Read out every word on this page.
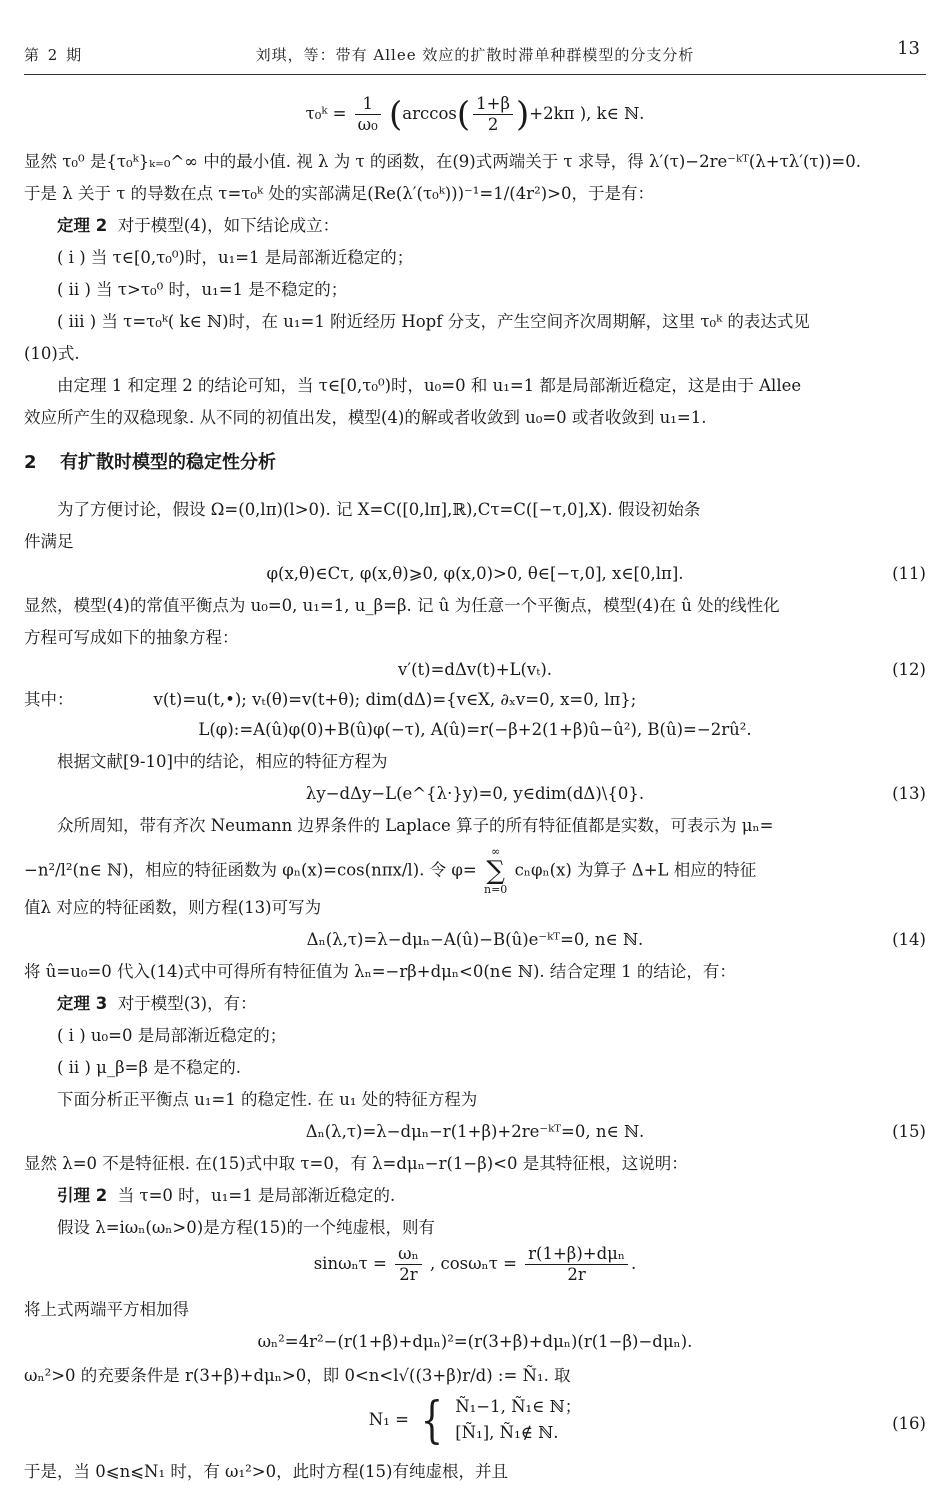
第 2 期	刘琪，等：带有 Allee 效应的扩散时滞单种群模型的分支分析	13
τ₀ᵏ = $\frac{1}{\text{ω₀}} (\arccos( \frac{1+\beta}{2} )+2k\pi$ ), k∈ ℕ.
显然 τ₀⁰ 是{τ₀ᵏ}ₖ₌₀^∞ 中的最小值. 视 λ 为 τ 的函数，在(9)式两端关于 τ 求导，得 λ′(τ)−2re⁻ᵏᵀ(λ+τλ′(τ))=0.
于是 λ 关于 τ 的导数在点 τ=τ₀ᵏ 处的实部满足(Re(λ′(τ₀ᵏ)))⁻¹=1/(4r²)>0，于是有：
定理 2 对于模型(4)，如下结论成立：
( ⅰ ) 当 τ∈[0,τ₀⁰)时，u₁=1 是局部渐近稳定的；
( ⅱ ) 当 τ>τ₀⁰ 时，u₁=1 是不稳定的；
( ⅲ ) 当 τ=τ₀ᵏ( k∈ ℕ)时，在 u₁=1 附近经历 Hopf 分支，产生空间齐次周期解，这里 τ₀ᵏ 的表达式见
(10)式.
由定理 1 和定理 2 的结论可知，当 τ∈[0,τ₀⁰)时，u₀=0 和 u₁=1 都是局部渐近稳定，这是由于 Allee
效应所产生的双稳现象. 从不同的初值出发，模型(4)的解或者收敛到 u₀=0 或者收敛到 u₁=1.
2 有扩散时模型的稳定性分析
为了方便讨论，假设 Ω=(0,lπ)(l>0). 记 X=C([0,lπ],ℝ),Cτ=C([−τ,0],X). 假设初始条
件满足
φ(x,θ)∈Cτ, φ(x,θ)⩾0, φ(x,0)>0, θ∈[−τ,0], x∈[0,lπ].	(11)
显然，模型(4)的常值平衡点为 u₀=0, u₁=1, u_β=β. 记 û 为任意一个平衡点，模型(4)在 û 处的线性化
方程可写成如下的抽象方程：
v′(t)=dΔv(t)+L(vₜ).	(12)
其中：	v(t)=u(t,•); vₜ(θ)=v(t+θ); dim(dΔ)={v∈X, ∂ₓv=0, x=0, lπ};
L(φ):=A(û)φ(0)+B(û)φ(−τ), A(û)=r(−β+2(1+β)û−û²), B(û)=−2rû².
根据文献[9-10]中的结论，相应的特征方程为
λy−dΔy−L(e^{λ·}y)=0, y∈dim(dΔ)\{0}.	(13)
众所周知，带有齐次 Neumann 边界条件的 Laplace 算子的所有特征值都是实数，可表示为 μₙ=
−n²/l²(n∈ ℕ)，相应的特征函数为 φₙ(x)=cos(nπx/l). 令 φ= ∞
∑
n=0 cₙφₙ(x) 为算子 Δ+L 相应的特征
值λ 对应的特征函数，则方程(13)可写为
Δₙ(λ,τ)=λ−dμₙ−A(û)−B(û)e⁻ᵏᵀ=0, n∈ ℕ.	(14)
将 û=u₀=0 代入(14)式中可得所有特征值为 λₙ=−rβ+dμₙ<0(n∈ ℕ). 结合定理 1 的结论，有：
定理 3 对于模型(3)，有：
( ⅰ ) u₀=0 是局部渐近稳定的；
( ⅱ ) μ_β=β 是不稳定的.
下面分析正平衡点 u₁=1 的稳定性. 在 u₁ 处的特征方程为
Δₙ(λ,τ)=λ−dμₙ−r(1+β)+2re⁻ᵏᵀ=0, n∈ ℕ.	(15)
显然 λ=0 不是特征根. 在(15)式中取 τ=0，有 λ=dμₙ−r(1−β)<0 是其特征根，这说明：
引理 2 当 τ=0 时，u₁=1 是局部渐近稳定的.
假设 λ=iωₙ(ωₙ>0)是方程(15)的一个纯虚根，则有
$\sin\omega_n\tau = \frac{\text{ωₙ}}{2r}$ , $\cos\omega_n\tau = \frac{\text{r(1+β)+dμₙ}}{2r}$ .
将上式两端平方相加得
ωₙ²=4r²−(r(1+β)+dμₙ)²=(r(3+β)+dμₙ)(r(1−β)−dμₙ).
ωₙ²>0 的充要条件是 r(3+β)+dμₙ>0，即 0<n<l√((3+β)r/d) := Ñ₁. 取
N₁ = { Ñ₁−1, Ñ₁∈ ℕ；
[Ñ₁], Ñ₁∉ ℕ.	(16)
于是，当 0⩽n⩽N₁ 时，有 ω₁²>0，此时方程(15)有纯虚根，并且
